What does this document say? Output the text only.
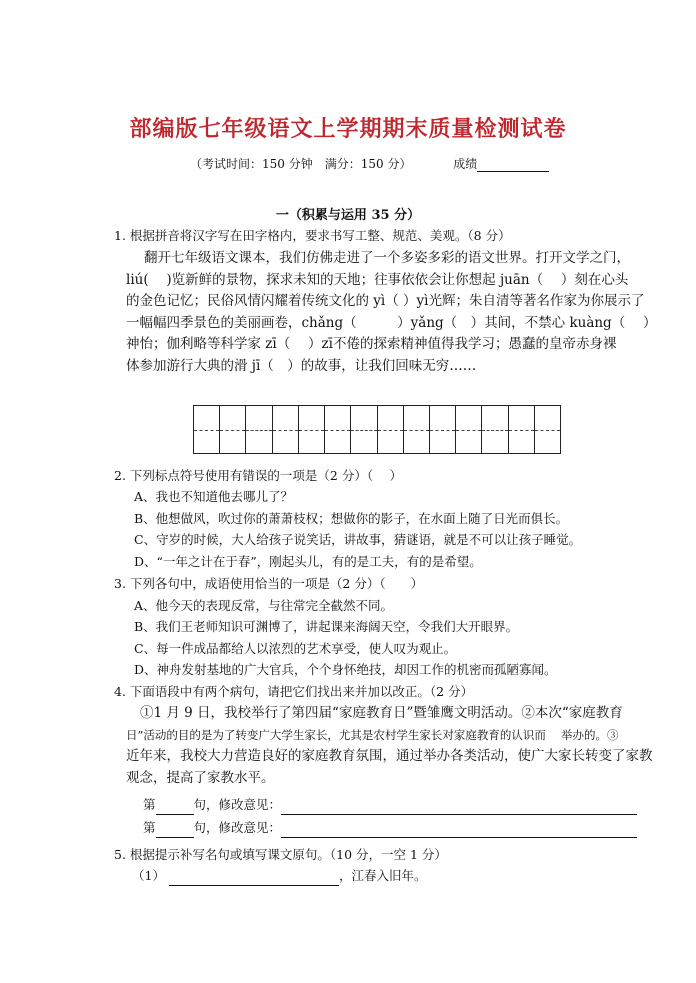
部编版七年级语文上学期期末质量检测试卷
（考试时间：150 分钟　满分：150 分）	成绩
一（积累与运用 35 分）
1. 根据拼音将汉字写在田字格内，要求书写工整、规范、美观。（8 分）
翻开七年级语文课本，我们仿佛走进了一个多姿多彩的语文世界。打开文学之门，
liú(　 )览新鲜的景物，探求未知的天地；往事依依会让你想起 juān（　 ）刻在心头
的金色记忆；民俗风情闪耀着传统文化的 yì（ ）yì光辉；朱自清等著名作家为你展示了
一幅幅四季景色的美丽画卷，chǎng（　　　）yǎng（　）其间，不禁心 kuàng（　 ）
神怡；伽利略等科学家 zī（　 ）zī不倦的探索精神值得我学习；愚蠢的皇帝赤身裸
体参加游行大典的滑 jī（　）的故事，让我们回味无穷……
2. 下列标点符号使用有错误的一项是（2 分）（　 ）
A、我也不知道他去哪儿了？
B、他想做风，吹过你的萧萧枝权；想做你的影子，在水面上随了日光而俱长。
C、守岁的时候，大人给孩子说笑话，讲故事，猜谜语，就是不可以让孩子睡觉。
D、“一年之计在于春”，刚起头儿，有的是工夫，有的是希望。
3. 下列各句中，成语使用恰当的一项是（2 分）（　　）
A、他今天的表现反常，与往常完全截然不同。
B、我们王老师知识可渊博了，讲起课来海阔天空，令我们大开眼界。
C、每一件成品都给人以浓烈的艺术享受，使人叹为观止。
D、神舟发射基地的广大官兵，个个身怀绝技，却因工作的机密而孤陋寡闻。
4. 下面语段中有两个病句，请把它们找出来并加以改正。（2 分）
①1 月 9 日，我校举行了第四届“家庭教育日”暨雏鹰文明活动。②本次“家庭教育
日”活动的目的是为了转变广大学生家长，尤其是农村学生家长对家庭教育的认识而　 举办的。③
近年来，我校大力营造良好的家庭教育氛围，通过举办各类活动，使广大家长转变了家教
观念，提高了家教水平。
第	句，修改意见：
第	句，修改意见：
5. 根据提示补写名句或填写课文原句。（10 分，一空 1 分）
（1）	，江春入旧年。
